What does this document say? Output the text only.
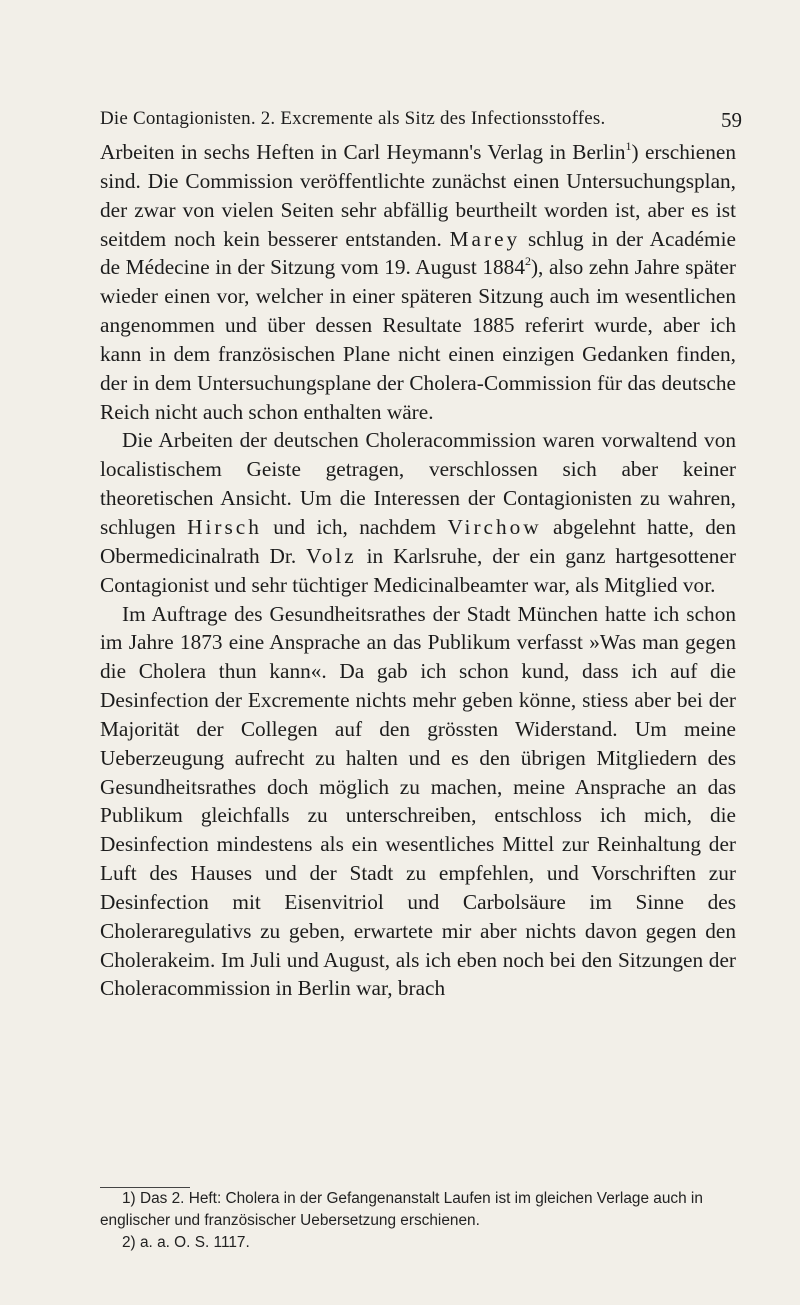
Die Contagionisten. 2. Excremente als Sitz des Infectionsstoffes.	59

Arbeiten in sechs Heften in Carl Heymann's Verlag in Berlin$^1$) erschienen sind. Die Commission veröffentlichte zunächst einen Untersuchungsplan, der zwar von vielen Seiten sehr abfällig beurtheilt worden ist, aber es ist seitdem noch kein besserer entstanden. Marey schlug in der Académie de Médecine in der Sitzung vom 19. August 1884$^2$), also zehn Jahre später wieder einen vor, welcher in einer späteren Sitzung auch im wesentlichen angenommen und über dessen Resultate 1885 referirt wurde, aber ich kann in dem französischen Plane nicht einen einzigen Gedanken finden, der in dem Untersuchungsplane der Cholera-Commission für das deutsche Reich nicht auch schon enthalten wäre.

Die Arbeiten der deutschen Choleracommission waren vorwaltend von localistischem Geiste getragen, verschlossen sich aber keiner theoretischen Ansicht. Um die Interessen der Contagionisten zu wahren, schlugen Hirsch und ich, nachdem Virchow abgelehnt hatte, den Obermedicinalrath Dr. Volz in Karlsruhe, der ein ganz hartgesottener Contagionist und sehr tüchtiger Medicinalbeamter war, als Mitglied vor.

Im Auftrage des Gesundheitsrathes der Stadt München hatte ich schon im Jahre 1873 eine Ansprache an das Publikum verfasst »Was man gegen die Cholera thun kann«. Da gab ich schon kund, dass ich auf die Desinfection der Excremente nichts mehr geben könne, stiess aber bei der Majorität der Collegen auf den grössten Widerstand. Um meine Ueberzeugung aufrecht zu halten und es den übrigen Mitgliedern des Gesundheitsrathes doch möglich zu machen, meine Ansprache an das Publikum gleichfalls zu unterschreiben, entschloss ich mich, die Desinfection mindestens als ein wesentliches Mittel zur Reinhaltung der Luft des Hauses und der Stadt zu empfehlen, und Vorschriften zur Desinfection mit Eisenvitriol und Carbolsäure im Sinne des Choleraregulativs zu geben, erwartete mir aber nichts davon gegen den Cholerakeim. Im Juli und August, als ich eben noch bei den Sitzungen der Choleracommission in Berlin war, brach

1) Das 2. Heft: Cholera in der Gefangenanstalt Laufen ist im gleichen Verlage auch in englischer und französischer Uebersetzung erschienen.

2) a. a. O. S. 1117.
